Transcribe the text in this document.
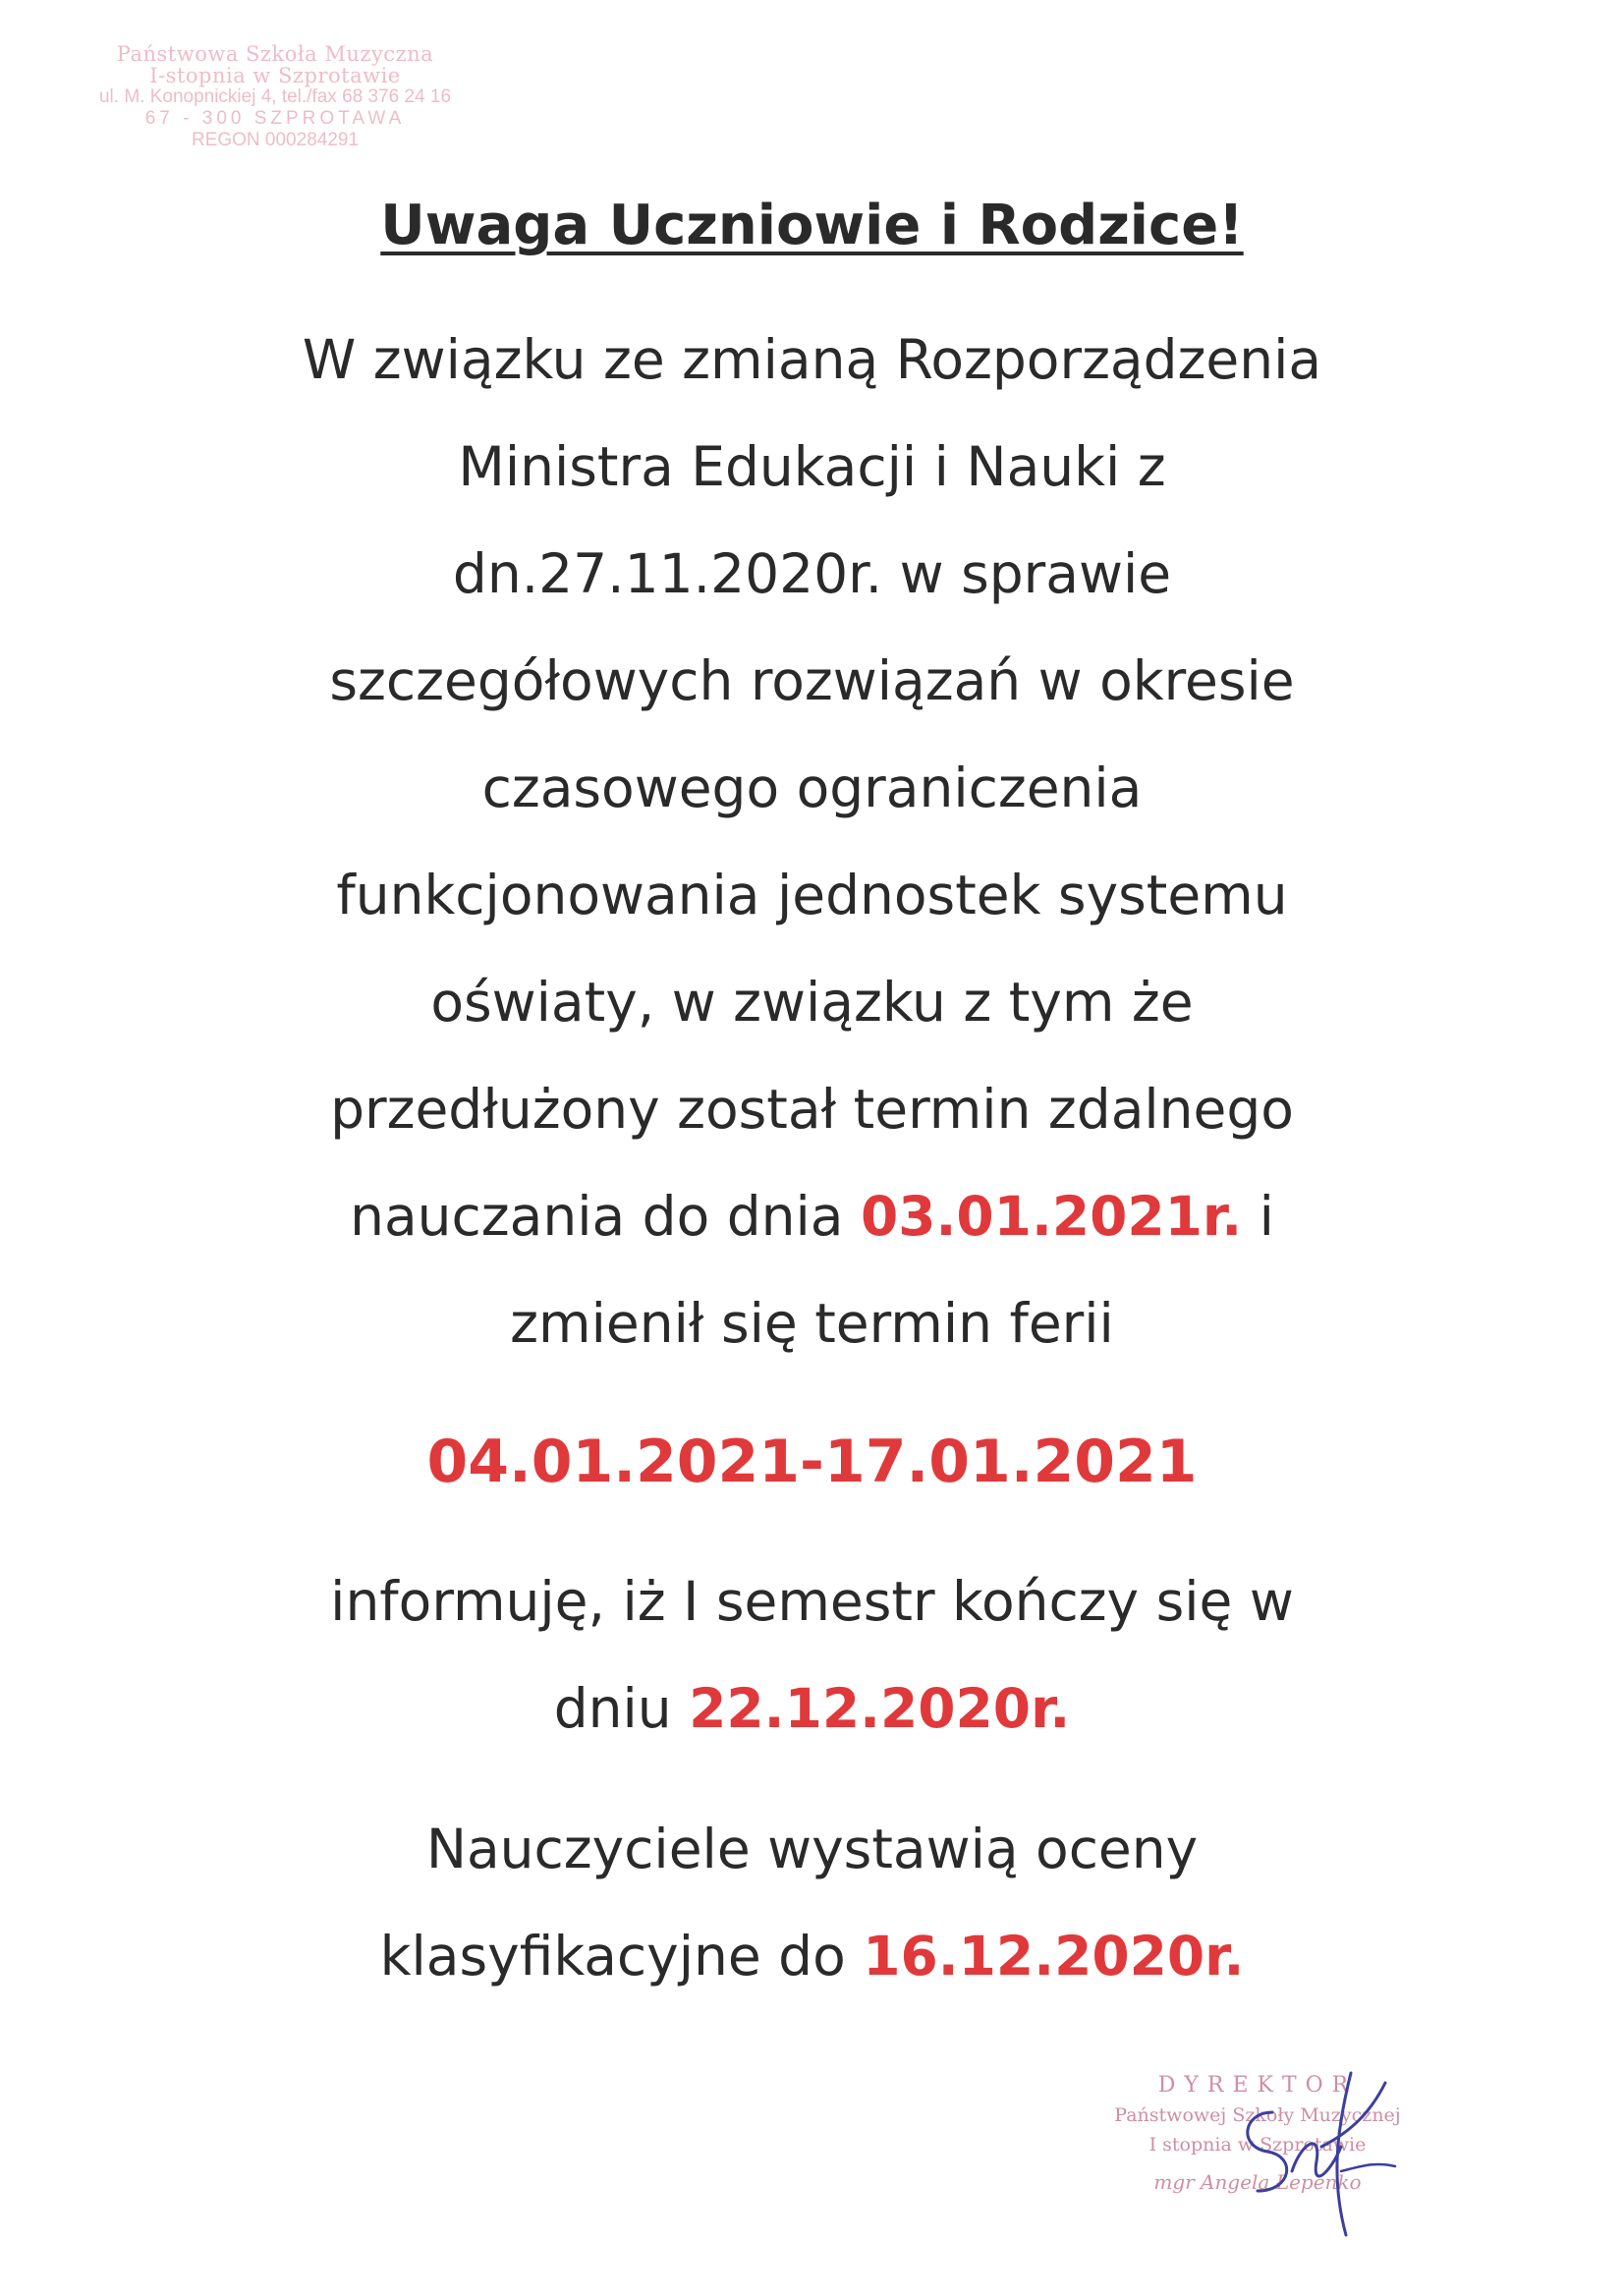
Państwowa Szkoła Muzyczna
I-stopnia w Szprotawie
ul. M. Konopnickiej 4, tel./fax 68 376 24 16
67 - 300 SZPROTAWA
REGON 000284291
Uwaga Uczniowie i Rodzice!
W związku ze zmianą Rozporządzenia
Ministra Edukacji i Nauki z
dn.27.11.2020r. w sprawie
szczegółowych rozwiązań w okresie
czasowego ograniczenia
funkcjonowania jednostek systemu
oświaty, w związku z tym że
przedłużony został termin zdalnego
nauczania do dnia 03.01.2021r. i
zmienił się termin ferii
04.01.2021-17.01.2021
informuję, iż I semestr kończy się w
dniu 22.12.2020r.
Nauczyciele wystawią oceny
klasyfikacyjne do 16.12.2020r.
DYREKTOR
Państwowej Szkoły Muzycznej
I stopnia w Szprotawie
mgr Angela Łepenko
